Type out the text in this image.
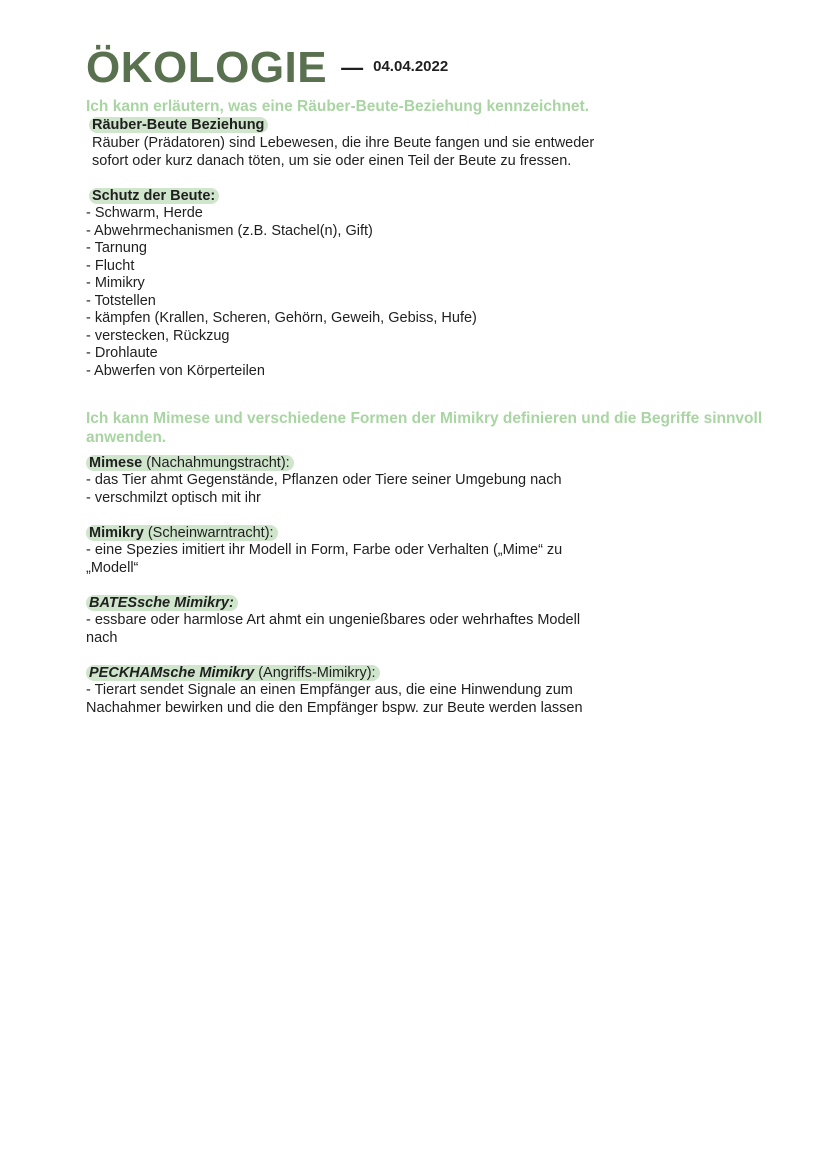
ÖKOLOGIE — 04.04.2022
Ich kann erläutern, was eine Räuber-Beute-Beziehung kennzeichnet.
Räuber-Beute Beziehung
Räuber (Prädatoren) sind Lebewesen, die ihre Beute fangen und sie entweder
sofort oder kurz danach töten, um sie oder einen Teil der Beute zu fressen.
Schutz der Beute:
- Schwarm, Herde
- Abwehrmechanismen (z.B. Stachel(n), Gift)
- Tarnung
- Flucht
- Mimikry
- Totstellen
- kämpfen (Krallen, Scheren, Gehörn, Geweih, Gebiss, Hufe)
- verstecken, Rückzug
- Drohlaute
- Abwerfen von Körperteilen
Ich kann Mimese und verschiedene Formen der Mimikry definieren und die Begriffe sinnvoll
anwenden.
Mimese (Nachahmungstracht):
- das Tier ahmt Gegenstände, Pflanzen oder Tiere seiner Umgebung nach
- verschmilzt optisch mit ihr
Mimikry (Scheinwarntracht):
- eine Spezies imitiert ihr Modell in Form, Farbe oder Verhalten („Mime“ zu
„Modell“
BATESsche Mimikry:
- essbare oder harmlose Art ahmt ein ungenießbares oder wehrhaftes Modell
nach
PECKHAMsche Mimikry (Angriffs-Mimikry):
- Tierart sendet Signale an einen Empfänger aus, die eine Hinwendung zum
Nachahmer bewirken und die den Empfänger bspw. zur Beute werden lassen
